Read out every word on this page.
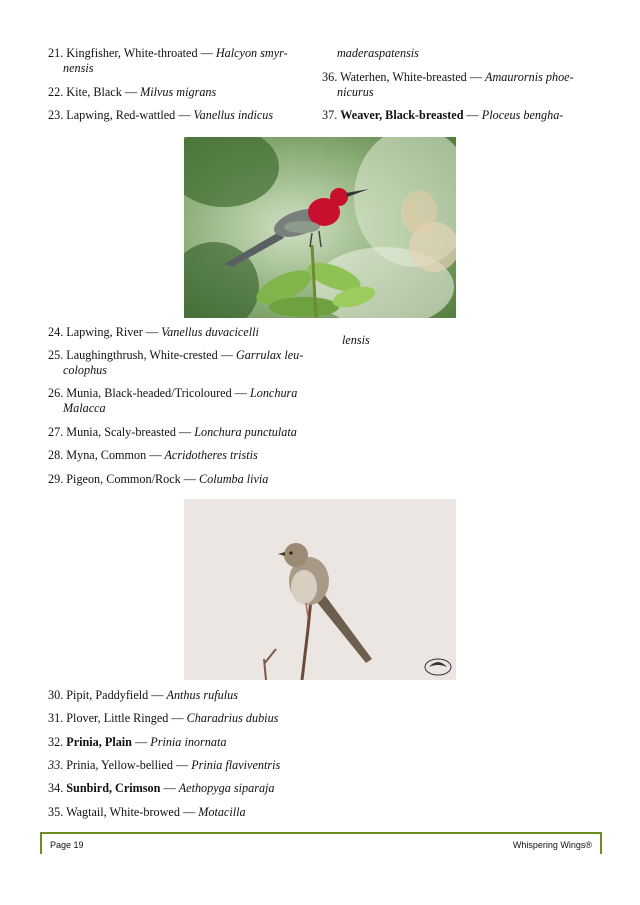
21. Kingfisher, White-throated — Halcyon smyr-
nensis
22. Kite, Black — Milvus migrans
23. Lapwing, Red-wattled — Vanellus indicus
maderaspatensis
36. Waterhen, White-breasted — Amaurornis phoe-
nicurus
37. Weaver, Black-breasted — Ploceus bengha-
24. Lapwing, River — Vanellus duvacicelli
25. Laughingthrush, White-crested — Garrulax leu-
colophus
26. Munia, Black-headed/Tricoloured — Lonchura
Malacca
27. Munia, Scaly-breasted — Lonchura punctulata
28. Myna, Common — Acridotheres tristis
29. Pigeon, Common/Rock — Columba livia
lensis
30. Pipit, Paddyfield — Anthus rufulus
31. Plover, Little Ringed — Charadrius dubius
32. Prinia, Plain — Prinia inornata
33. Prinia, Yellow-bellied — Prinia flaviventris
34. Sunbird, Crimson — Aethopyga siparaja
35. Wagtail, White-browed — Motacilla
Page 19	Whispering Wings®
